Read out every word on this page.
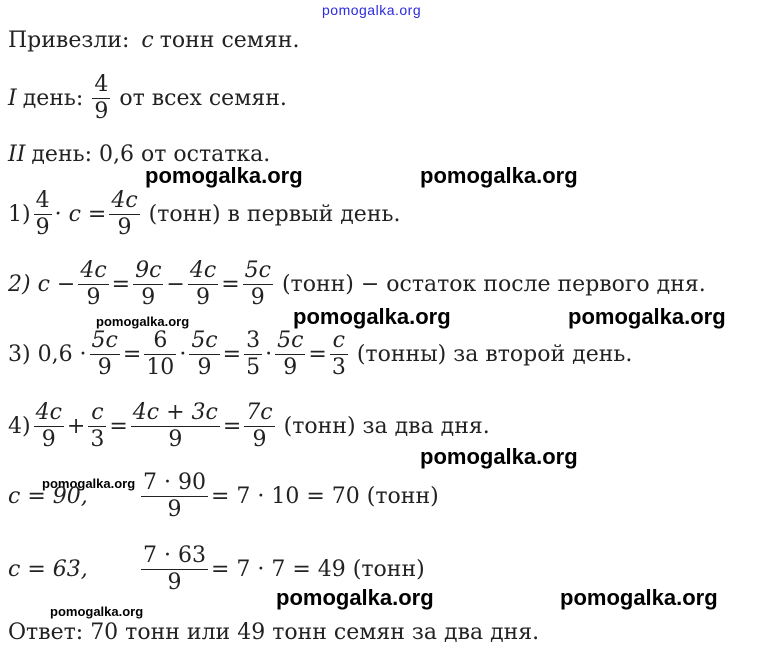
pomogalka.org
pomogalka.org	pomogalka.org
pomogalka.org	pomogalka.org	pomogalka.org
pomogalka.org
pomogalka.org
pomogalka.org	pomogalka.org
pomogalka.org
Привезли: c тонн семян.
I день: $\frac{4}{9}$ от всех семян.
II день: 0,6 от остатка.
$1) \frac{4}{9} \cdot c = \frac{4c}{9}$ (тонн) в первый день.
2) $c - \frac{4c}{9} = \frac{9c}{9} - \frac{4c}{9} = \frac{5c}{9}$ (тонн) − остаток после первого дня.
3) $0,6 \cdot \frac{5c}{9} = \frac{6}{10} \cdot \frac{5c}{9} = \frac{3}{5} \cdot \frac{5c}{9} = \frac{c}{3}$ (тонны) за второй день.
$4) \frac{4c}{9} + \frac{c}{3} = \frac{4c + 3c}{9} = \frac{7c}{9}$ (тонн) за два дня.
c = 90,	$\frac{7 \cdot 90}{9} = 7 \cdot 10 = 70$ (тонн)
c = 63,	$\frac{7 \cdot 63}{9} = 7 \cdot 7 = 49$ (тонн)
Ответ: 70 тонн или 49 тонн семян за два дня.
